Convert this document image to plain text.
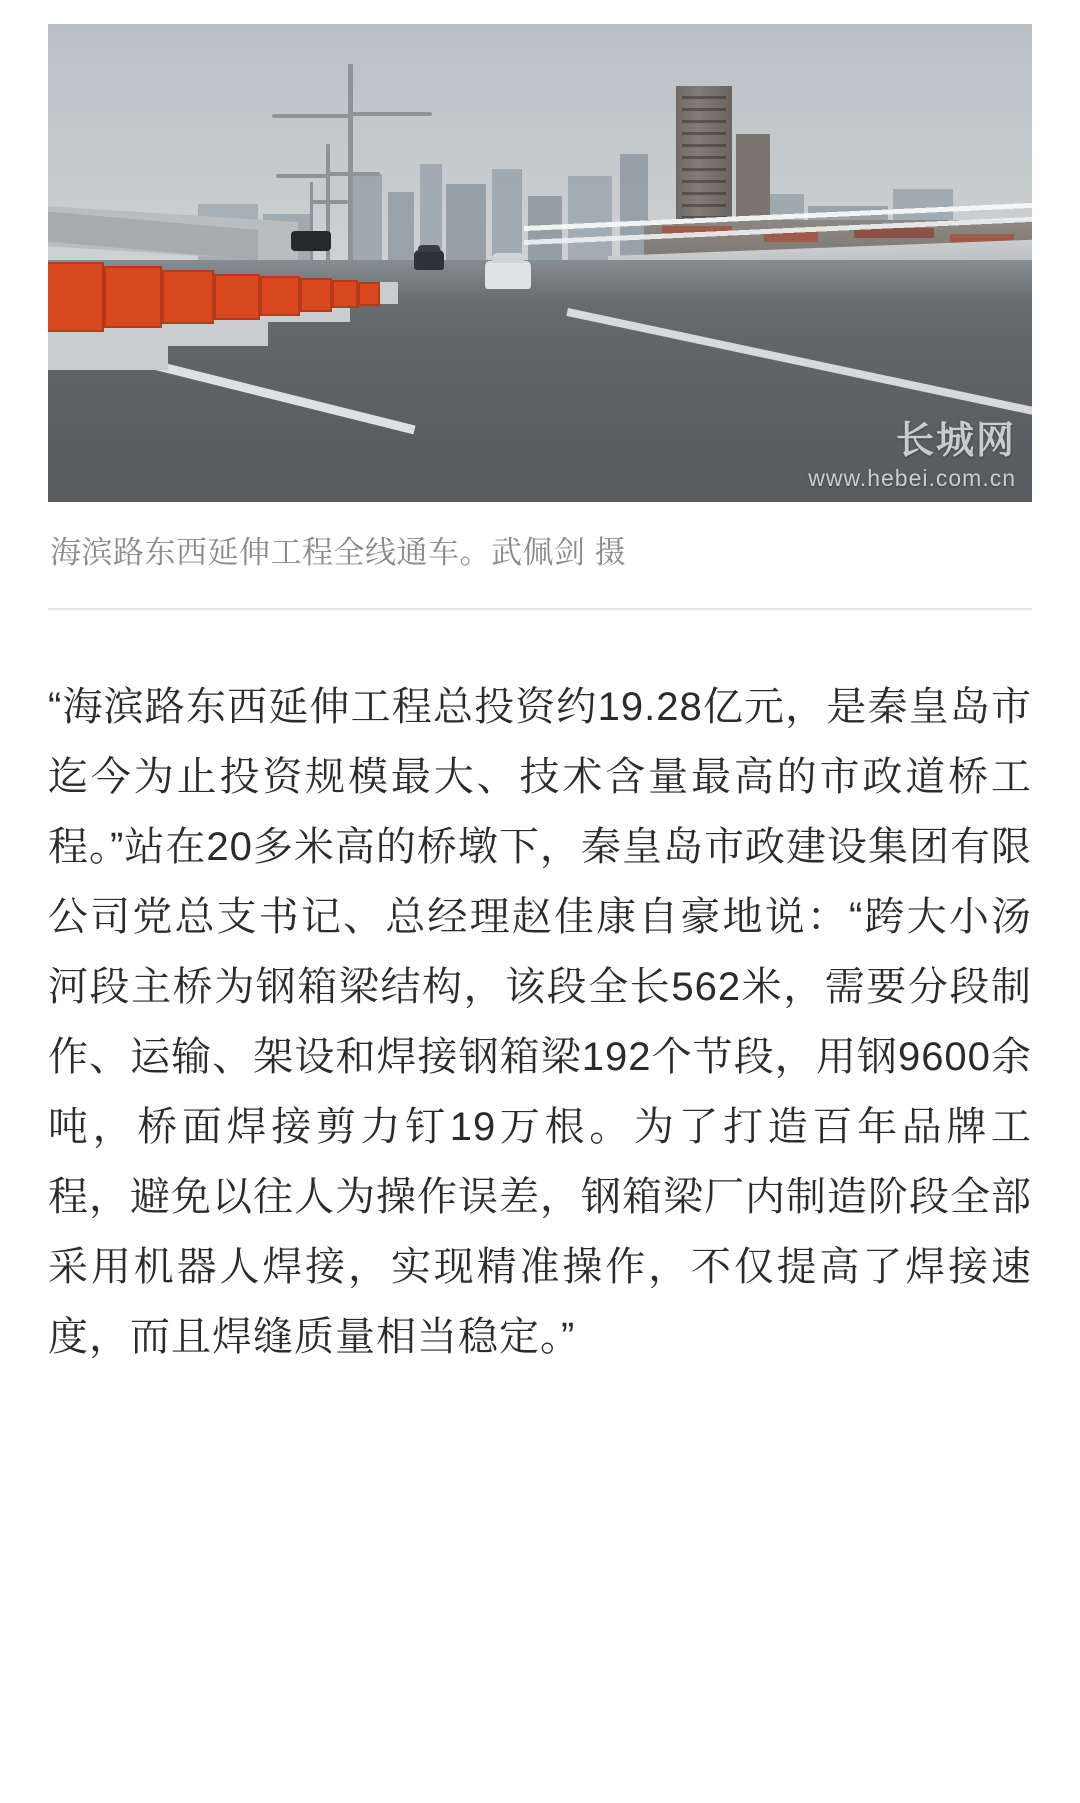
长城网
www.hebei.com.cn
海滨路东西延伸工程全线通车。武佩剑 摄

“海滨路东西延伸工程总投资约19.28亿元，是秦皇岛市迄今为止投资规模最大、技术含量最高的市政道桥工程。”站在20多米高的桥墩下，秦皇岛市政建设集团有限公司党总支书记、总经理赵佳康自豪地说：“跨大小汤河段主桥为钢箱梁结构，该段全长562米，需要分段制作、运输、架设和焊接钢箱梁192个节段，用钢9600余吨，桥面焊接剪力钉19万根。为了打造百年品牌工程，避免以往人为操作误差，钢箱梁厂内制造阶段全部采用机器人焊接，实现精准操作，不仅提高了焊接速度，而且焊缝质量相当稳定。”
